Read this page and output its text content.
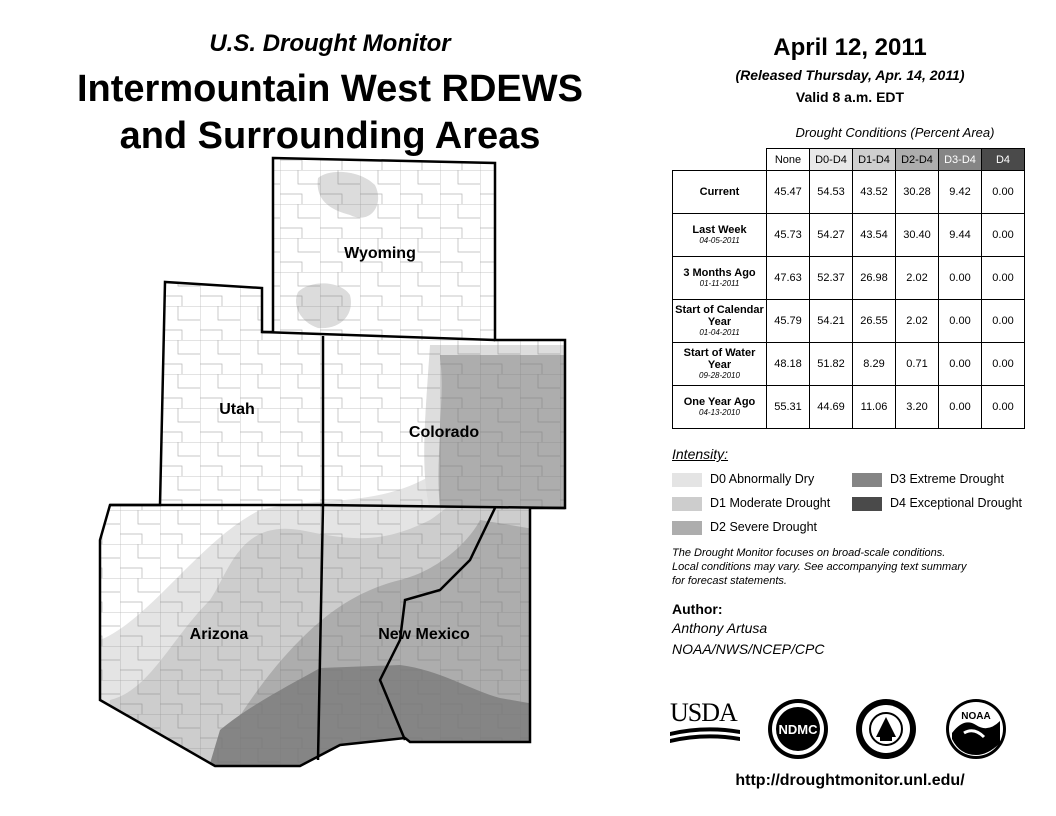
U.S. Drought Monitor
Intermountain West RDEWS
and Surrounding Areas
April 12, 2011
(Released Thursday, Apr. 14, 2011)
Valid 8 a.m. EDT
Wyoming
Utah
Colorado
Arizona	New Mexico
Drought Conditions (Percent Area)
	None	D0-D4	D1-D4	D2-D4	D3-D4	D4
Current	45.47	54.53	43.52	30.28	9.42	0.00
Last Week
04-05-2011	45.73	54.27	43.54	30.40	9.44	0.00
3 Months Ago
01-11-2011	47.63	52.37	26.98	2.02	0.00	0.00
Start of Calendar Year
01-04-2011	45.79	54.21	26.55	2.02	0.00	0.00
Start of Water Year
09-28-2010	48.18	51.82	8.29	0.71	0.00	0.00
One Year Ago
04-13-2010	55.31	44.69	11.06	3.20	0.00	0.00
Intensity:
D0 Abnormally Dry
D1 Moderate Drought
D2 Severe Drought
D3 Extreme Drought
D4 Exceptional Drought
The Drought Monitor focuses on broad-scale conditions.
Local conditions may vary. See accompanying text summary
for forecast statements.
Author:
Anthony Artusa
NOAA/NWS/NCEP/CPC
USDA
NDMC
NOAA
http://droughtmonitor.unl.edu/
